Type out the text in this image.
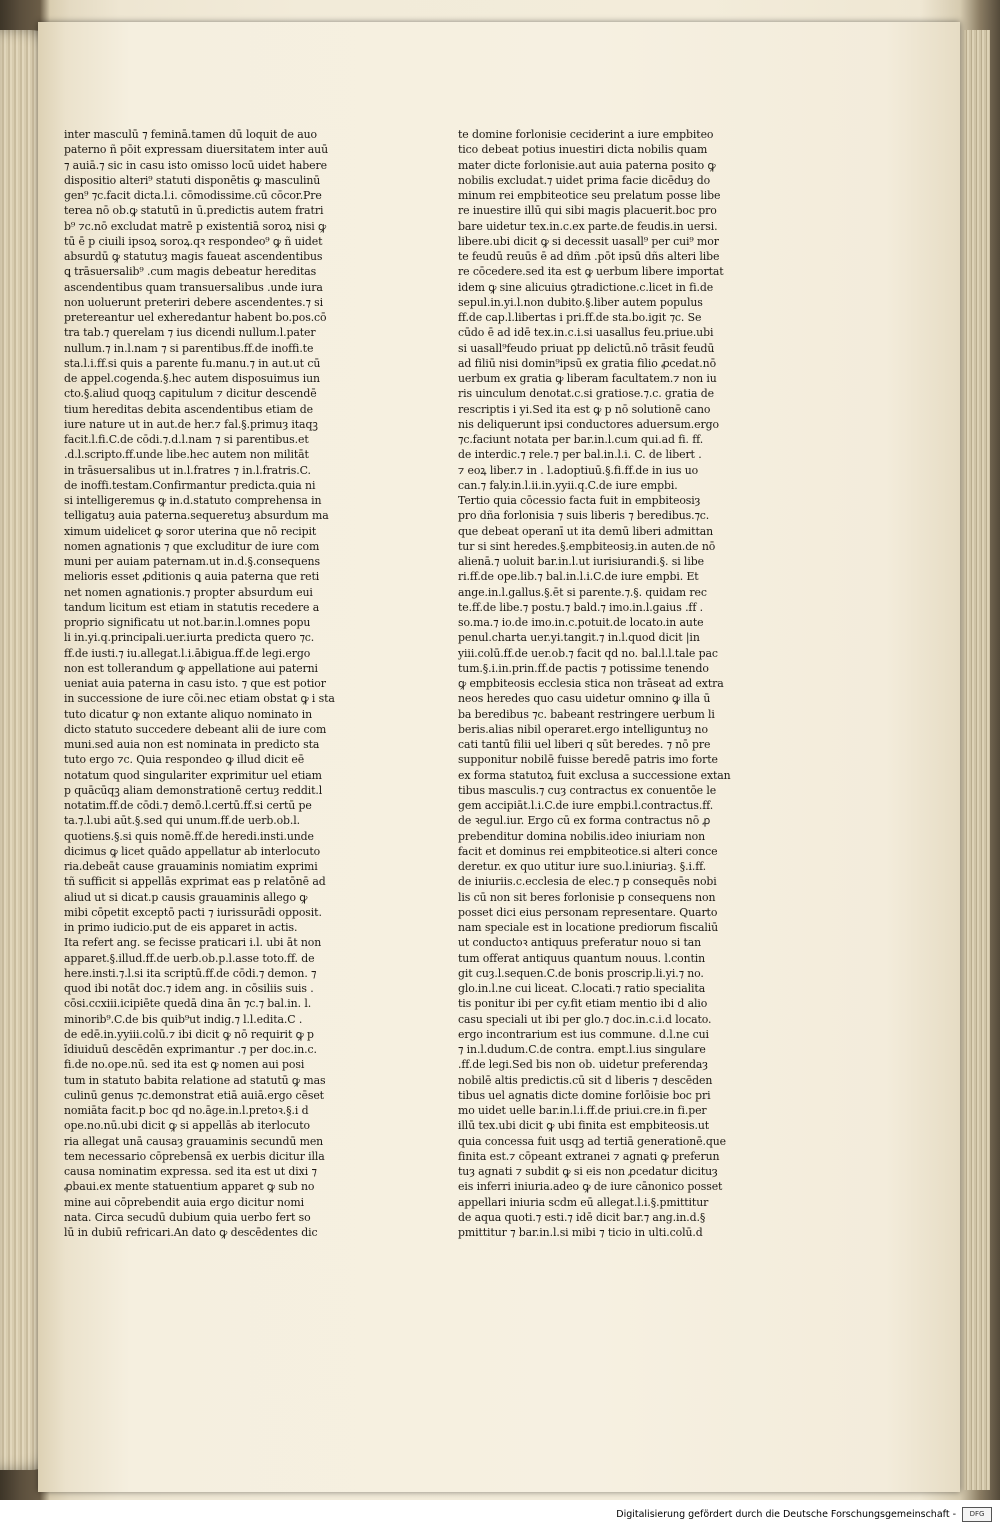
inter masculū ⁊ feminā.tamen dū loquit de auo
paterno ñ pōit expressam diuersitatem inter auū
⁊ auiā.⁊ sic in casu isto omisso locū uidet habere
dispositio alteri⁹ statuti disponētis ꝙ masculinū
gen⁹ ⁊c.facit dicta.l.i. cōmodissime.cū cōcor.Pre
terea nō ob.ꝙ statutū in ū.predictis autem fratri
b⁹ ⁊c.nō excludat matrē p existentiā soroꝝ nisi ꝙ
tū ē p ciuili ipsoꝝ soroꝝ.qꝛ respondeo⁹ ꝙ ñ uidet
absurdū ꝙ statutuȝ magis faueat ascendentibus
ꝗ trāsuersalib⁹ .cum magis debeatur hereditas
ascendentibus quam transuersalibus .unde iura
non uoluerunt preteriri debere ascendentes.⁊ si
pretereantur uel exheredantur habent bo.pos.cō
tra tab.⁊ querelam ⁊ ius dicendi nullum.l.pater
nullum.⁊ in.l.nam ⁊ si parentibus.ff.de inoffi.te
sta.l.i.ff.si quis a parente fu.manu.⁊ in aut.ut cū
de appel.cogenda.§.hec autem disposuimus iun
cto.§.aliud quoqꝫ capitulum ⁊ dicitur descendē
tium hereditas debita ascendentibus etiam de
iure nature ut in aut.de her.⁊ fal.§.primuȝ itaqꝫ
facit.l.fi.C.de cōdi.⁊.d.l.nam ⁊ si parentibus.et
.d.l.scripto.ff.unde libe.hec autem non militāt
in trāsuersalibus ut in.l.fratres ⁊ in.l.fratris.C.
de inoffi.testam.Confirmantur predicta.quia ni
si intelligeremus ꝙ in.d.statuto comprehensa in
telligatuȝ auia paterna.sequeretuȝ absurdum ma
ximum uidelicet ꝙ soror uterina que nō recipit
nomen agnationis ⁊ que excluditur de iure com
muni per auiam paternam.ut in.d.§.consequens
melioris esset ꝓditionis ꝗ auia paterna que reti
net nomen agnationis.⁊ propter absurdum eui
tandum licitum est etiam in statutis recedere a
proprio significatu ut not.bar.in.l.omnes popu
li in.yi.q.principali.uer.iurta predicta quero ⁊c.
ff.de iusti.⁊ iu.allegat.l.i.ābigua.ff.de legi.ergo
non est tollerandum ꝙ appellatione aui paterni
ueniat auia paterna in casu isto. ⁊ que est potior
in successione de iure cōi.nec etiam obstat ꝙ i sta
tuto dicatur ꝙ non extante aliquo nominato in
dicto statuto succedere debeant alii de iure com
muni.sed auia non est nominata in predicto sta
tuto ergo ⁊c. Quia respondeo ꝙ illud dicit eē
notatum quod singulariter exprimitur uel etiam
p quācūqꝫ aliam demonstrationē certuȝ reddit.l
notatim.ff.de cōdi.⁊ demō.l.certū.ff.si certū pe
ta.⁊.l.ubi aūt.§.sed qui unum.ff.de uerb.ob.l.
quotiens.§.si quis nomē.ff.de heredi.insti.unde
dicimus ꝙ licet quādo appellatur ab interlocuto
ria.debeāt cause grauaminis nomiatim exprimi
tñ sufficit si appellās exprimat eas p relatōnē ad
aliud ut si dicat.p causis grauaminis allego ꝙ
mibi cōpetit exceptō pacti ⁊ iurissurādi opposit.
in primo iudicio.put de eis apparet in actis.
Ita refert ang. se fecisse praticari i.l. ubi āt non
apparet.§.illud.ff.de uerb.ob.p.l.asse toto.ff. de
here.insti.⁊.l.si ita scriptū.ff.de cōdi.⁊ demon. ⁊
quod ibi notāt doc.⁊ idem ang. in cōsiliis suis .
cōsi.ccxiii.icipiēte quedā dina ān ⁊c.⁊ bal.in. l.
minorib⁹.C.de bis quib⁹ut indig.⁊ l.l.edita.C .
de edē.in.yyiii.colū.⁊ ibi dicit ꝙ nō requirit ꝙ p
īdiuiduū descēdēn exprimantur .⁊ per doc.in.c.
fi.de no.ope.nū. sed ita est ꝙ nomen aui posi
tum in statuto babita relatione ad statutū ꝙ mas
culinū genus ⁊c.demonstrat etiā auiā.ergo cēset
nomiāta facit.p boc qd no.āge.in.l.pretoꝛ.§.i d
ope.no.nū.ubi dicit ꝙ si appellās ab iterlocuto
ria allegat unā causaȝ grauaminis secundū men
tem necessario cōprebensā ex uerbis dicitur illa
causa nominatim expressa. sed ita est ut dixi ⁊
ꝓbaui.ex mente statuentium apparet ꝙ sub no
mine aui cōprebendit auia ergo dicitur nomi
nata. Circa secudū dubium quia uerbo fert so
lū in dubiū refricari.An dato ꝙ descēdentes dic
te domine forlonisie ceciderint a iure empbiteo
tico debeat potius inuestiri dicta nobilis quam
mater dicte forlonisie.aut auia paterna posito ꝙ
nobilis excludat.⁊ uidet prima facie dicēduȝ do
minum rei empbiteotice seu prelatum posse libe
re inuestire illū qui sibi magis placuerit.boc pro
bare uidetur tex.in.c.ex parte.de feudis.in uersi.
libere.ubi dicit ꝙ si decessit uasall⁹ per cui⁹ mor
te feudū reuūs ē ad dñm .pōt ipsū dñs alteri libe
re cōcedere.sed ita est ꝙ uerbum libere importat
idem ꝙ sine alicuius ꝯtradictione.c.licet in fi.de
sepul.in.yi.l.non dubito.§.liber autem populus
ff.de cap.l.libertas i pri.ff.de sta.bo.igit ⁊c. Se
cūdo ē ad idē tex.in.c.i.si uasallus feu.priue.ubi
si uasall⁹feudo priuat pp delictū.nō trāsit feudū
ad filiū nisi domin⁹ipsū ex gratia filio ꝓcedat.nō
uerbum ex gratia ꝙ liberam facultatem.⁊ non iu
ris uinculum denotat.c.si gratiose.⁊.c. gratia de
rescriptis i yi.Sed ita est ꝙ p nō solutionē cano
nis deliquerunt ipsi conductores aduersum.ergo
⁊c.faciunt notata per bar.in.l.cum qui.ad fi. ff.
de interdic.⁊ rele.⁊ per bal.in.l.i. C. de libert .
⁊ eoꝝ liber.⁊ in . l.adoptiuū.§.fi.ff.de in ius uo
can.⁊ faly.in.l.ii.in.yyii.q.C.de iure empbi.
Tertio quia cōcessio facta fuit in empbiteosiȝ
pro dña forlonisia ⁊ suis liberis ⁊ beredibus.⁊c.
que debeat operanī ut ita demū liberi admittan
tur si sint heredes.§.empbiteosiȝ.in auten.de nō
alienā.⁊ uoluit bar.in.l.ut iurisiurandi.§. si libe
ri.ff.de ope.lib.⁊ bal.in.l.i.C.de iure empbi. Et
ange.in.l.gallus.§.ēt si parente.⁊.§. quidam rec
te.ff.de libe.⁊ postu.⁊ bald.⁊ imo.in.l.gaius .ff .
so.ma.⁊ io.de imo.in.c.potuit.de locato.in aute
penul.charta uer.yi.tangit.⁊ in.l.quod dicit |in
yiii.colū.ff.de uer.ob.⁊ facit qd no. bal.l.l.tale pac
tum.§.i.in.prin.ff.de pactis ⁊ potissime tenendo
ꝙ empbiteosis ecclesia stica non trāseat ad extra
neos heredes quo casu uidetur omnino ꝙ illa ū
ba beredibus ⁊c. babeant restringere uerbum li
beris.alias nibil operaret.ergo intelliguntuȝ no
cati tantū filii uel liberi q sūt beredes. ⁊ nō pre
supponitur nobilē fuisse beredē patris imo forte
ex forma statutoꝝ fuit exclusa a successione extan
tibus masculis.⁊ cuȝ contractus ex conuentōe le
gem accipiāt.l.i.C.de iure empbi.l.contractus.ff.
de ꝛegul.iur. Ergo cū ex forma contractus nō ꝓ
prebenditur domina nobilis.ideo iniuriam non
facit et dominus rei empbiteotice.si alteri conce
deretur. ex quo utitur iure suo.l.iniuriaȝ. §.i.ff.
de iniuriis.c.ecclesia de elec.⁊ p consequēs nobi
lis cū non sit beres forlonisie p consequens non
posset dici eius personam representare. Quarto
nam speciale est in locatione prediorum fiscaliū
ut conductoꝛ antiquus preferatur nouo si tan
tum offerat antiquus quantum nouus. l.contin
git cuȝ.l.sequen.C.de bonis proscrip.li.yi.⁊ no.
glo.in.l.ne cui liceat. C.locati.⁊ ratio specialita
tis ponitur ibi per cy.fit etiam mentio ibi d alio
casu speciali ut ibi per glo.⁊ doc.in.c.i.d locato.
ergo incontrarium est ius commune. d.l.ne cui
⁊ in.l.dudum.C.de contra. empt.l.ius singulare
.ff.de legi.Sed bis non ob. uidetur preferendaȝ
nobilē altis predictis.cū sit d liberis ⁊ descēden
tibus uel agnatis dicte domine forlōisie boc pri
mo uidet uelle bar.in.l.i.ff.de priui.cre.in fi.per
illū tex.ubi dicit ꝙ ubi finita est empbiteosis.ut
quia concessa fuit usqꝫ ad tertiā generationē.que
finita est.⁊ cōpeant extranei ⁊ agnati ꝙ preferun
tuȝ agnati ⁊ subdit ꝙ si eis non ꝓcedatur dicituȝ
eis inferri iniuria.adeo ꝙ de iure cānonico posset
appellari iniuria scdm eū allegat.l.i.§.pmittitur
de aqua quoti.⁊ esti.⁊ idē dicit bar.⁊ ang.in.d.§
pmittitur ⁊ bar.in.l.si mibi ⁊ ticio in ulti.colū.d
Digitalisierung gefördert durch die Deutsche Forschungsgemeinschaft -	DFG
